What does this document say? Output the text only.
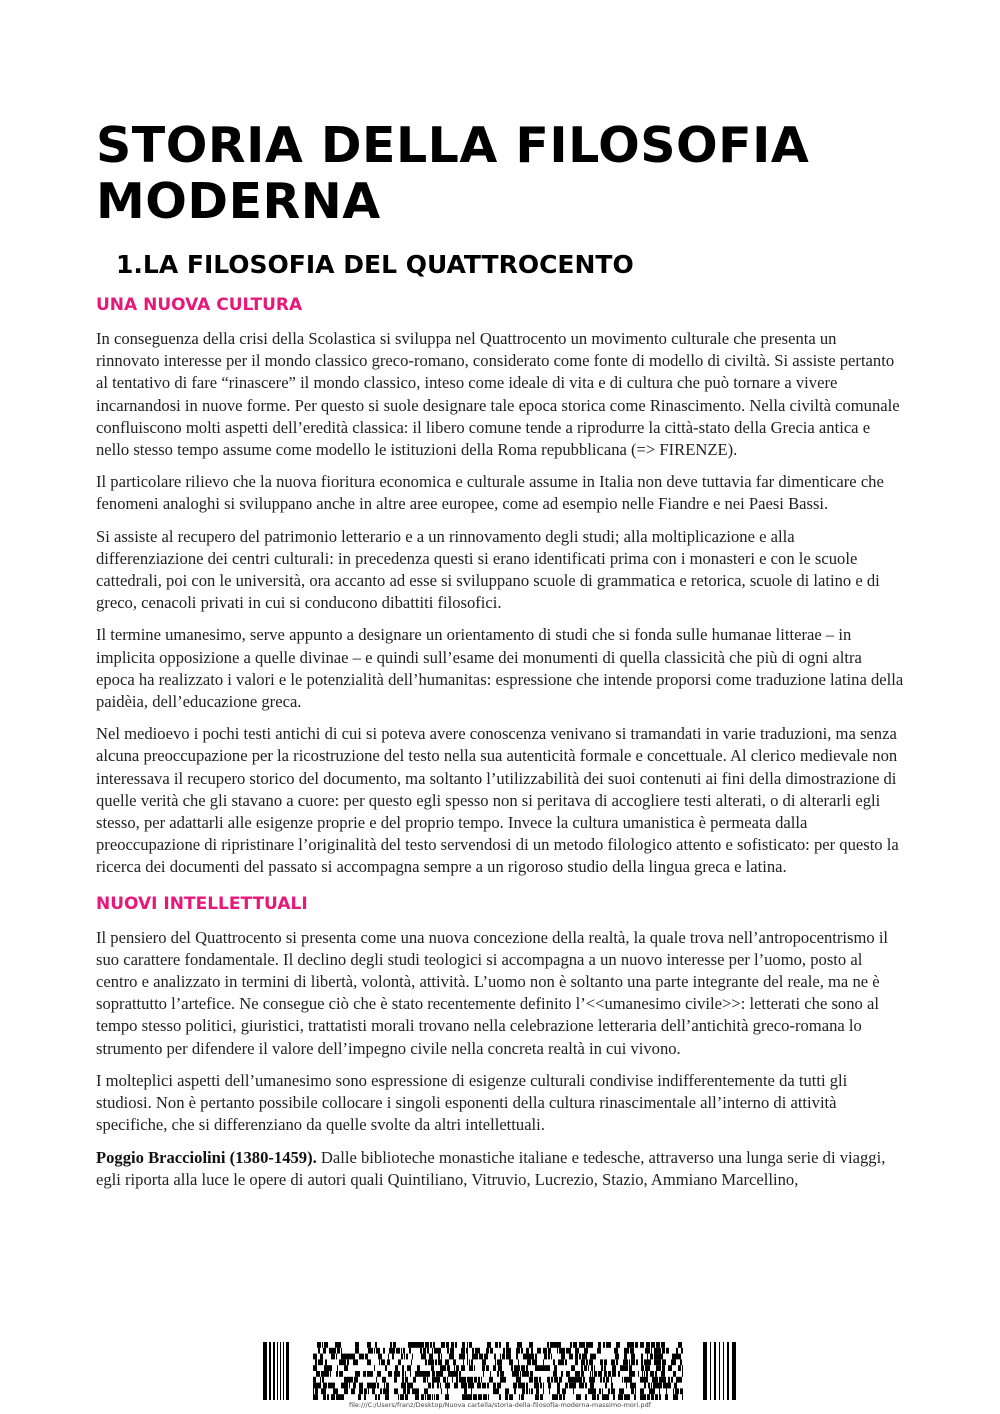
STORIA DELLA FILOSOFIA MODERNA
1.LA FILOSOFIA DEL QUATTROCENTO
UNA NUOVA CULTURA

In conseguenza della crisi della Scolastica si sviluppa nel Quattrocento un movimento culturale che presenta un rinnovato interesse per il mondo classico greco-romano, considerato come fonte di modello di civiltà. Si assiste pertanto al tentativo di fare “rinascere” il mondo classico, inteso come ideale di vita e di cultura che può tornare a vivere incarnandosi in nuove forme. Per questo si suole designare tale epoca storica come Rinascimento. Nella civiltà comunale confluiscono molti aspetti dell’eredità classica: il libero comune tende a riprodurre la città-stato della Grecia antica e nello stesso tempo assume come modello le istituzioni della Roma repubblicana (=> FIRENZE).

Il particolare rilievo che la nuova fioritura economica e culturale assume in Italia non deve tuttavia far dimenticare che fenomeni analoghi si sviluppano anche in altre aree europee, come ad esempio nelle Fiandre e nei Paesi Bassi.

Si assiste al recupero del patrimonio letterario e a un rinnovamento degli studi; alla moltiplicazione e alla differenziazione dei centri culturali: in precedenza questi si erano identificati prima con i monasteri e con le scuole cattedrali, poi con le università, ora accanto ad esse si sviluppano scuole di grammatica e retorica, scuole di latino e di greco, cenacoli privati in cui si conducono dibattiti filosofici.

Il termine umanesimo, serve appunto a designare un orientamento di studi che si fonda sulle humanae litterae – in implicita opposizione a quelle divinae – e quindi sull’esame dei monumenti di quella classicità che più di ogni altra epoca ha realizzato i valori e le potenzialità dell’humanitas: espressione che intende proporsi come traduzione latina della paidèia, dell’educazione greca.

Nel medioevo i pochi testi antichi di cui si poteva avere conoscenza venivano si tramandati in varie traduzioni, ma senza alcuna preoccupazione per la ricostruzione del testo nella sua autenticità formale e concettuale. Al clerico medievale non interessava il recupero storico del documento, ma soltanto l’utilizzabilità dei suoi contenuti ai fini della dimostrazione di quelle verità che gli stavano a cuore: per questo egli spesso non si peritava di accogliere testi alterati, o di alterarli egli stesso, per adattarli alle esigenze proprie e del proprio tempo. Invece la cultura umanistica è permeata dalla preoccupazione di ripristinare l’originalità del testo servendosi di un metodo filologico attento e sofisticato: per questo la ricerca dei documenti del passato si accompagna sempre a un rigoroso studio della lingua greca e latina.

NUOVI INTELLETTUALI

Il pensiero del Quattrocento si presenta come una nuova concezione della realtà, la quale trova nell’antropocentrismo il suo carattere fondamentale. Il declino degli studi teologici si accompagna a un nuovo interesse per l’uomo, posto al centro e analizzato in termini di libertà, volontà, attività. L’uomo non è soltanto una parte integrante del reale, ma ne è soprattutto l’artefice. Ne consegue ciò che è stato recentemente definito l’<<umanesimo civile>>: letterati che sono al tempo stesso politici, giuristici, trattatisti morali trovano nella celebrazione letteraria dell’antichità greco-romana lo strumento per difendere il valore dell’impegno civile nella concreta realtà in cui vivono.

I molteplici aspetti dell’umanesimo sono espressione di esigenze culturali condivise indifferentemente da tutti gli studiosi. Non è pertanto possibile collocare i singoli esponenti della cultura rinascimentale all’interno di attività specifiche, che si differenziano da quelle svolte da altri intellettuali.

Poggio Bracciolini (1380-1459). Dalle biblioteche monastiche italiane e tedesche, attraverso una lunga serie di viaggi, egli riporta alla luce le opere di autori quali Quintiliano, Vitruvio, Lucrezio, Stazio, Ammiano Marcellino,

file:///C:/Users/franz/Desktop/Nuova cartella/storia-della-filosofia-moderna-massimo-mori.pdf
